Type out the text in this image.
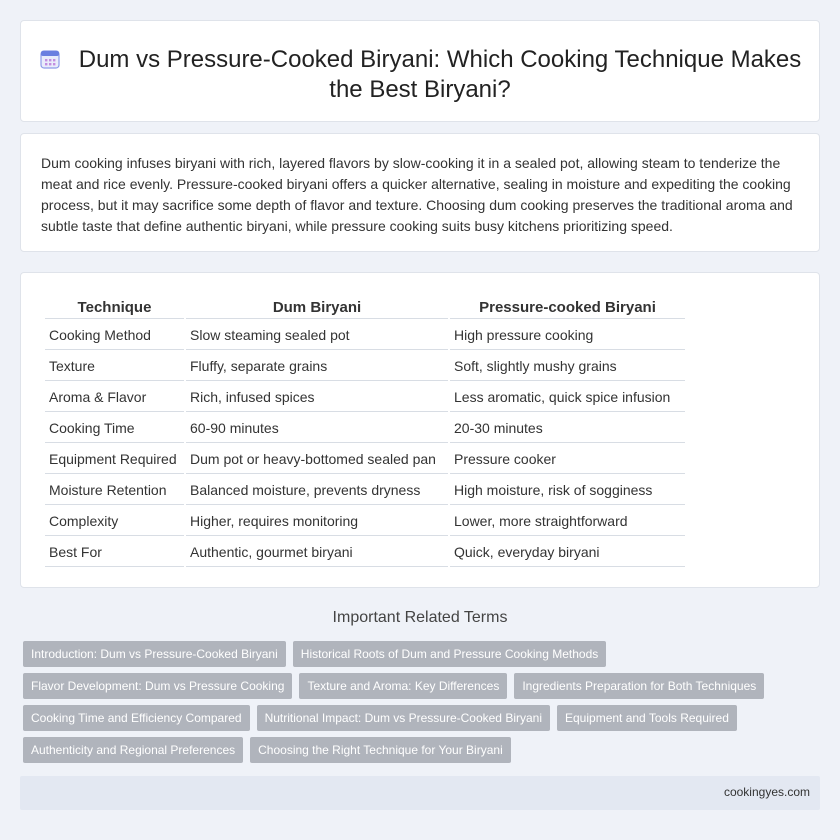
Dum vs Pressure-Cooked Biryani: Which Cooking Technique Makes the Best Biryani?

Dum cooking infuses biryani with rich, layered flavors by slow-cooking it in a sealed pot, allowing steam to tenderize the meat and rice evenly. Pressure-cooked biryani offers a quicker alternative, sealing in moisture and expediting the cooking process, but it may sacrifice some depth of flavor and texture. Choosing dum cooking preserves the traditional aroma and subtle taste that define authentic biryani, while pressure cooking suits busy kitchens prioritizing speed.

Technique	Dum Biryani	Pressure-cooked Biryani
Cooking Method	Slow steaming sealed pot	High pressure cooking
Texture	Fluffy, separate grains	Soft, slightly mushy grains
Aroma & Flavor	Rich, infused spices	Less aromatic, quick spice infusion
Cooking Time	60-90 minutes	20-30 minutes
Equipment Required	Dum pot or heavy-bottomed sealed pan	Pressure cooker
Moisture Retention	Balanced moisture, prevents dryness	High moisture, risk of sogginess
Complexity	Higher, requires monitoring	Lower, more straightforward
Best For	Authentic, gourmet biryani	Quick, everyday biryani
Important Related Terms
Introduction: Dum vs Pressure-Cooked Biryani	Historical Roots of Dum and Pressure Cooking Methods
Flavor Development: Dum vs Pressure Cooking	Texture and Aroma: Key Differences	Ingredients Preparation for Both Techniques
Cooking Time and Efficiency Compared	Nutritional Impact: Dum vs Pressure-Cooked Biryani	Equipment and Tools Required
Authenticity and Regional Preferences	Choosing the Right Technique for Your Biryani
cookingyes.com
